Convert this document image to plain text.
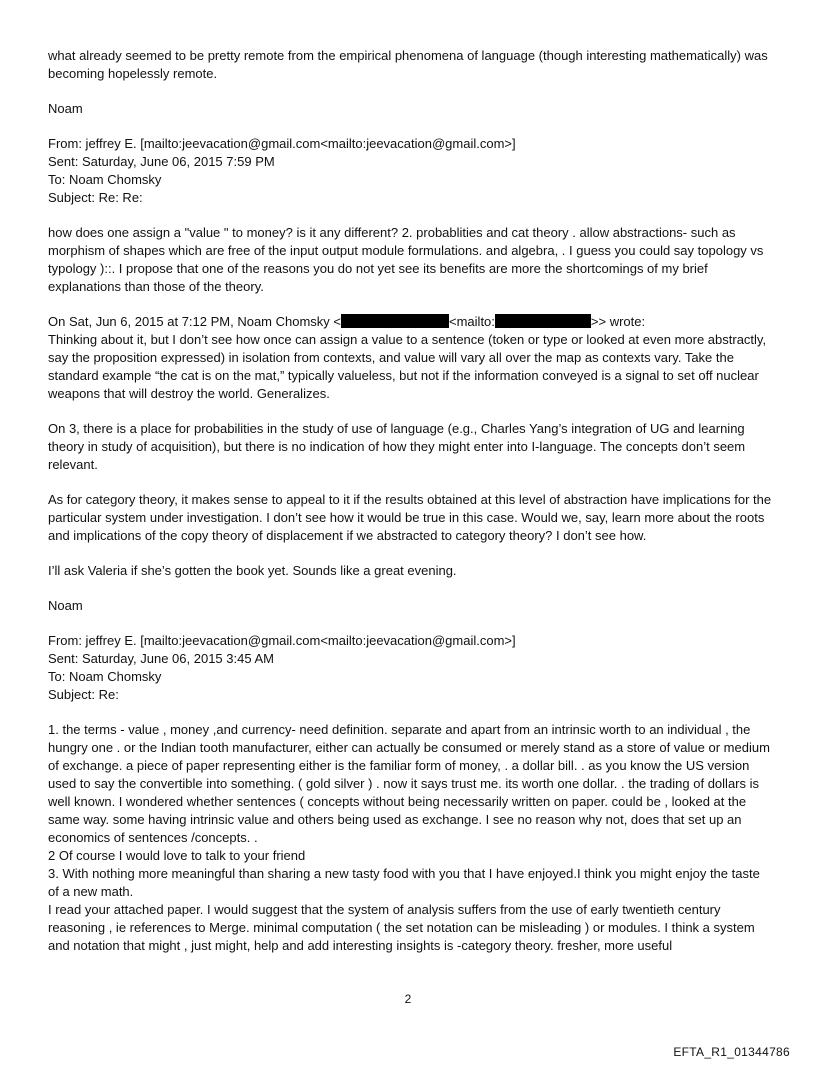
what already seemed to be pretty remote from the empirical phenomena of language (though interesting mathematically) was becoming hopelessly remote.

Noam

From: jeffrey E. [mailto:jeevacation@gmail.com<mailto:jeevacation@gmail.com>]
Sent: Saturday, June 06, 2015 7:59 PM
To: Noam Chomsky
Subject: Re: Re:

how does one assign a "value " to money? is it any different? 2. probablities and cat theory . allow abstractions- such as morphism of shapes which are free of the input output module formulations. and algebra, . I guess you could say topology vs typology )::. I propose that one of the reasons you do not yet see its benefits are more the shortcomings of my brief explanations than those of the theory.

On Sat, Jun 6, 2015 at 7:12 PM, Noam Chomsky <	<mailto:	>> wrote:

Thinking about it, but I don’t see how once can assign a value to a sentence (token or type or looked at even more abstractly, say the proposition expressed) in isolation from contexts, and value will vary all over the map as contexts vary. Take the standard example “the cat is on the mat,” typically valueless, but not if the information conveyed is a signal to set off nuclear weapons that will destroy the world. Generalizes.

On 3, there is a place for probabilities in the study of use of language (e.g., Charles Yang’s integration of UG and learning theory in study of acquisition), but there is no indication of how they might enter into I-language. The concepts don’t seem relevant.

As for category theory, it makes sense to appeal to it if the results obtained at this level of abstraction have implications for the particular system under investigation. I don’t see how it would be true in this case. Would we, say, learn more about the roots and implications of the copy theory of displacement if we abstracted to category theory? I don’t see how.

I’ll ask Valeria if she’s gotten the book yet. Sounds like a great evening.

Noam

From: jeffrey E. [mailto:jeevacation@gmail.com<mailto:jeevacation@gmail.com>]
Sent: Saturday, June 06, 2015 3:45 AM
To: Noam Chomsky
Subject: Re:
1. the terms - value , money ,and currency- need definition. separate and apart from an intrinsic worth to an individual , the hungry one . or the Indian tooth manufacturer, either can actually be consumed or merely stand as a store of value or medium of exchange. a piece of paper representing either is the familiar form of money, . a dollar bill. . as you know the US version used to say the convertible into something. ( gold silver ) . now it says trust me. its worth one dollar. . the trading of dollars is well known. I wondered whether sentences ( concepts without being necessarily written on paper. could be , looked at the same way. some having intrinsic value and others being used as exchange. I see no reason why not, does that set up an economics of sentences /concepts. .
2 Of course I would love to talk to your friend
3. With nothing more meaningful than sharing a new tasty food with you that I have enjoyed.I think you might enjoy the taste of a new math.
I read your attached paper. I would suggest that the system of analysis suffers from the use of early twentieth century reasoning , ie references to Merge. minimal computation ( the set notation can be misleading ) or modules. I think a system and notation that might , just might, help and add interesting insights is -category theory. fresher, more useful
2
EFTA_R1_01344786
